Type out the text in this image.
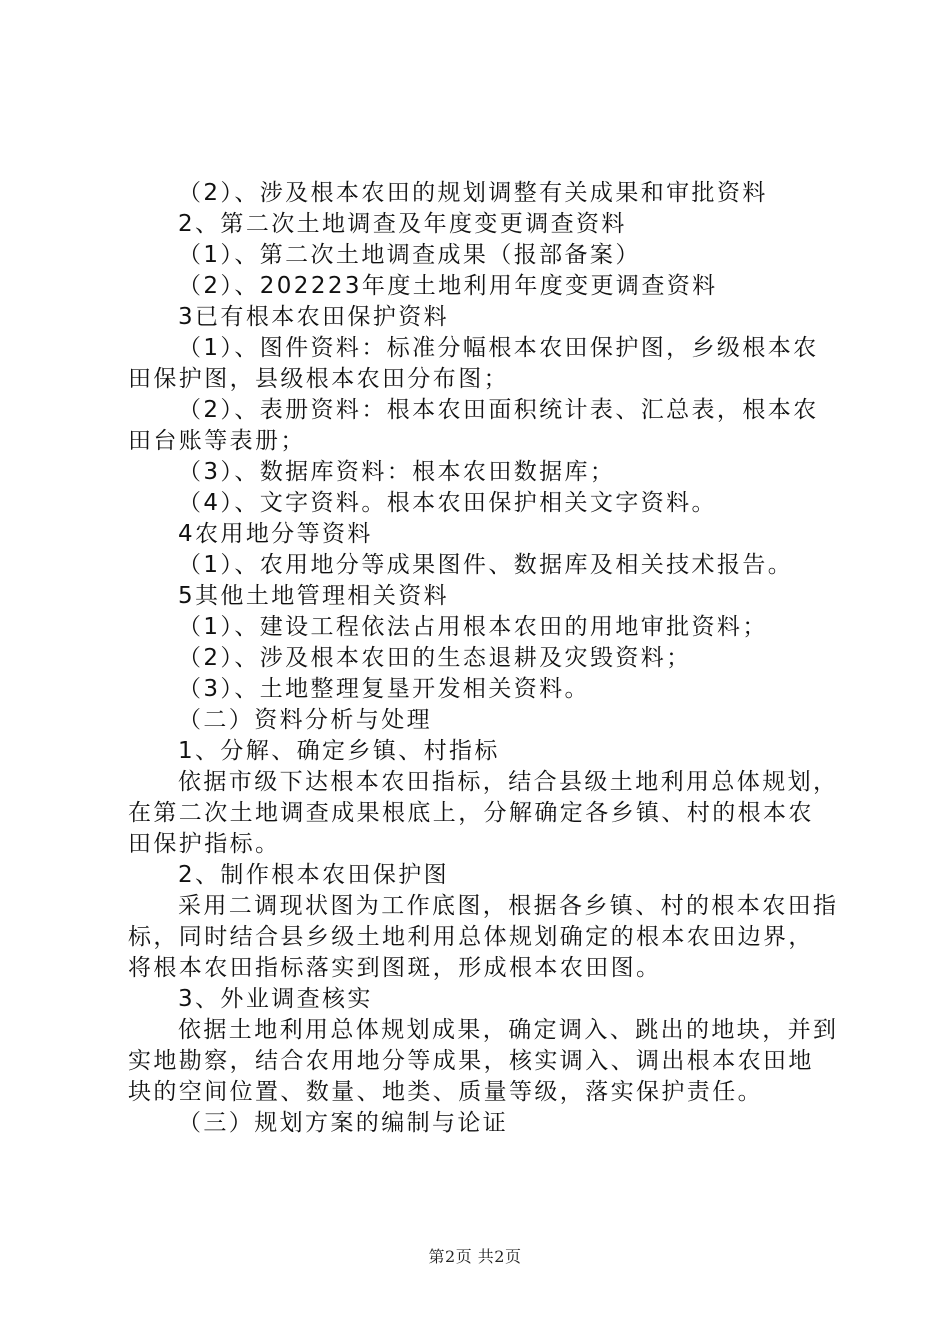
（2）、涉及根本农田的规划调整有关成果和审批资料
2、第二次土地调查及年度变更调查资料
（1）、第二次土地调查成果（报部备案）
（2）、202223年度土地利用年度变更调查资料
3已有根本农田保护资料
（1）、图件资料：标准分幅根本农田保护图，乡级根本农
田保护图，县级根本农田分布图；
（2）、表册资料：根本农田面积统计表、汇总表，根本农
田台账等表册；
（3）、数据库资料：根本农田数据库；
（4）、文字资料。根本农田保护相关文字资料。
4农用地分等资料
（1）、农用地分等成果图件、数据库及相关技术报告。
5其他土地管理相关资料
（1）、建设工程依法占用根本农田的用地审批资料；
（2）、涉及根本农田的生态退耕及灾毁资料；
（3）、土地整理复垦开发相关资料。
（二）资料分析与处理
1、分解、确定乡镇、村指标
依据市级下达根本农田指标，结合县级土地利用总体规划，
在第二次土地调查成果根底上，分解确定各乡镇、村的根本农
田保护指标。
2、制作根本农田保护图
采用二调现状图为工作底图，根据各乡镇、村的根本农田指
标，同时结合县乡级土地利用总体规划确定的根本农田边界，
将根本农田指标落实到图斑，形成根本农田图。
3、外业调查核实
依据土地利用总体规划成果，确定调入、跳出的地块，并到
实地勘察，结合农用地分等成果，核实调入、调出根本农田地
块的空间位置、数量、地类、质量等级，落实保护责任。
（三）规划方案的编制与论证
第2页 共2页
